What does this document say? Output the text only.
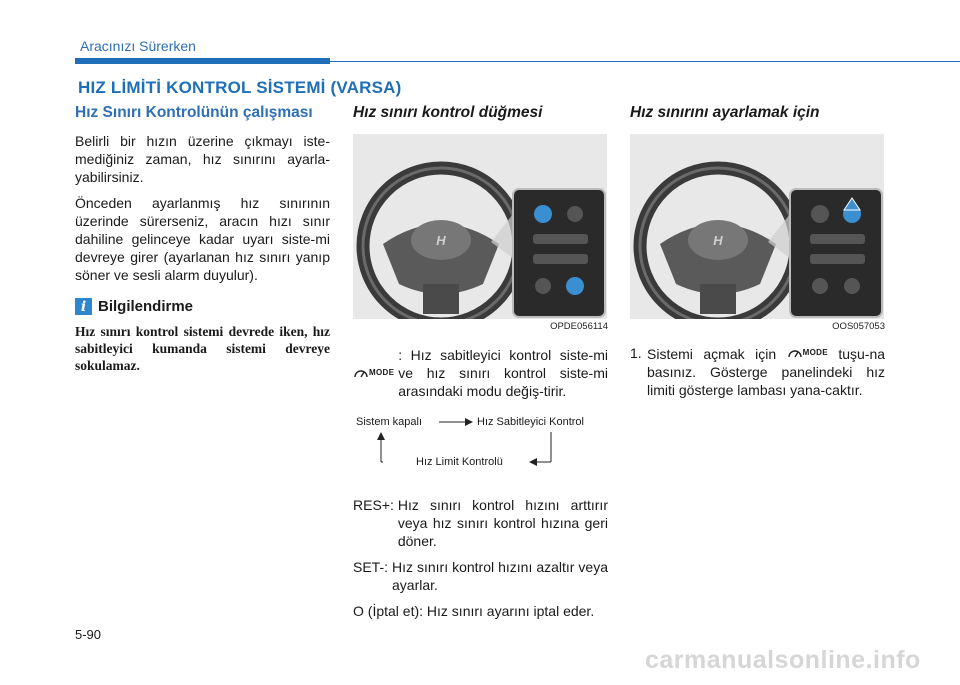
Aracınızı Sürerken
HIZ LİMİTİ KONTROL SİSTEMİ (VARSA)
Hız Sınırı Kontrolünün çalışması

Belirli bir hızın üzerine çıkmayı iste-mediğiniz zaman, hız sınırını ayarla-yabilirsiniz.

Önceden ayarlanmış hız sınırının üzerinde sürerseniz, aracın hızı sınır dahiline gelinceye kadar uyarı siste-mi devreye girer (ayarlanan hız sınırı yanıp söner ve sesli alarm duyulur).

i Bilgilendirme
Hız sınırı kontrol sistemi devrede iken, hız sabitleyici kumanda sistemi devreye sokulamaz.
Hız sınırı kontrol düğmesi
H
OPDE056114
MODE
: Hız sabitleyici kontrol siste-mi ve hız sınırı kontrol siste-mi arasındaki modu değiş-tirir.
Sistem kapalı	Hız Sabitleyici Kontrol
Hız Limit Kontrolü
RES+: Hız sınırı kontrol hızını arttırır veya hız sınırı kontrol hızına geri döner.
SET-: Hız sınırı kontrol hızını azaltır veya ayarlar.
O (İptal et): Hız sınırı ayarını iptal eder.
Hız sınırını ayarlamak için
H
OOS057053
1. Sistemi açmak için	MODE tuşu-na basınız. Gösterge panelindeki hız limiti gösterge lambası yana-caktır.
5-90
carmanualsonline.info
